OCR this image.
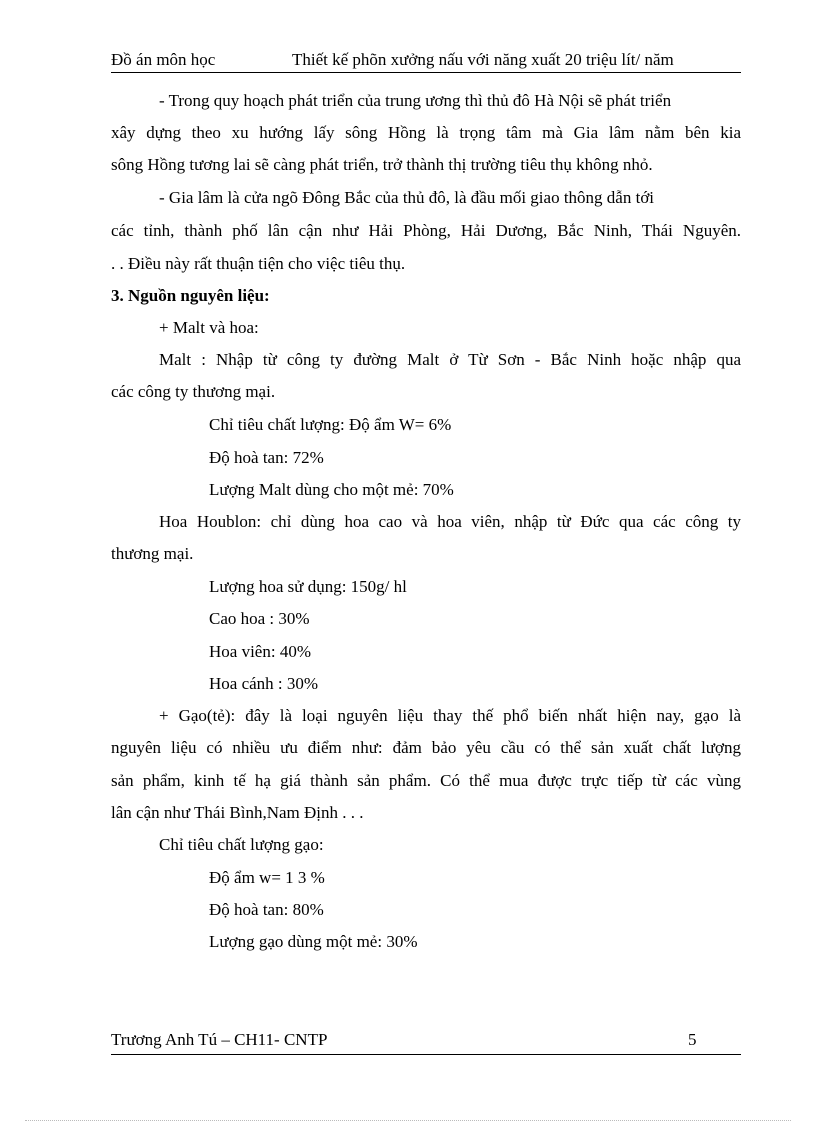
Đồ án môn học	Thiết kế phõn xưởng nấu với năng xuất 20 triệu lít/ năm
- Trong quy hoạch phát triển của trung ương thì thủ đô Hà Nội sẽ phát triển
xây dựng theo xu hướng lấy sông Hồng là trọng tâm mà Gia lâm nằm bên kia
sông Hồng tương lai sẽ càng phát triển, trở thành thị trường tiêu thụ không nhỏ.
- Gia lâm là cửa ngõ Đông Bắc của thủ đô, là đầu mối giao thông dẫn tới
các tỉnh, thành phố lân cận như Hải Phòng, Hải Dương, Bắc Ninh, Thái Nguyên.
. . Điều này rất thuận tiện cho việc tiêu thụ.
3. Nguồn nguyên liệu:
+ Malt và hoa:
Malt : Nhập từ công ty đường Malt ở Từ Sơn - Bắc Ninh hoặc nhập qua
các công ty thương mại.
Chỉ tiêu chất lượng: Độ ẩm W= 6%
Độ hoà tan: 72%
Lượng Malt dùng cho một mẻ: 70%
Hoa Houblon: chỉ dùng hoa cao và hoa viên, nhập từ Đức qua các công ty
thương mại.
Lượng hoa sử dụng: 150g/ hl
Cao hoa : 30%
Hoa viên: 40%
Hoa cánh : 30%
+ Gạo(tẻ): đây là loại nguyên liệu thay thế phổ biến nhất hiện nay, gạo là
nguyên liệu có nhiều ưu điểm như: đảm bảo yêu cầu có thể sản xuất chất lượng
sản phẩm, kinh tế hạ giá thành sản phẩm. Có thể mua được trực tiếp từ các vùng
lân cận như Thái Bình,Nam Định . . .
Chỉ tiêu chất lượng gạo:
Độ ẩm w= 1 3 %
Độ hoà tan: 80%
Lượng gạo dùng một mẻ: 30%
Trương Anh Tú – CH11- CNTP	5
